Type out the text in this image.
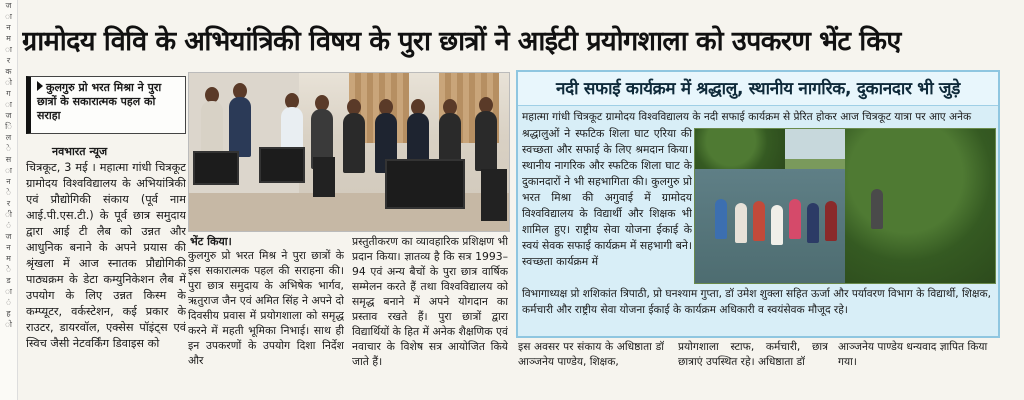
ज
ा
न
म
ा
र
क
ो
ग
ा
ज
ि
ल
े
स
ा
न
े
र
ी
ं
ज
न
म
े
ड
ा
ं
ह
ो
ग्रामोदय विवि के अभियांत्रिकी विषय के पुरा छात्रों ने आईटी प्रयोगशाला को उपकरण भेंट किए
कुलगुरु प्रो भरत मिश्रा ने पुरा छात्रों के सकारात्मक पहल को सराहा
नवभारत न्यूज
चित्रकूट, 3 मई । महात्मा गांधी चित्रकूट ग्रामोदय विश्वविद्यालय के अभियांत्रिकी एवं प्रौद्योगिकी संकाय (पूर्व नाम आई.पी.एस.टी.) के पूर्व छात्र समुदाय द्वारा आई टी लैब को उन्नत और आधुनिक बनाने के अपने प्रयास की श्रृंखला में आज स्नातक प्रौद्योगिकी पाठ्यक्रम के डेटा कम्युनिकेशन लैब में उपयोग के लिए उन्नत किस्म के कम्प्यूटर, वर्कस्टेशन, कई प्रकार के राउटर, डायरवॉल, एक्सेस पॉइंट्स एवं स्विच जैसी नेटवर्किंग डिवाइस को
भेंट किया।
कुलगुरु प्रो भरत मिश्र ने पुरा छात्रों के इस सकारात्मक पहल की सराहना की। पुरा छात्र समुदाय के अभिषेक भार्गव, ऋतुराज जैन एवं अमित सिंह ने अपने दो दिवसीय प्रवास में प्रयोगशाला को समृद्ध करने में महती भूमिका निभाई। साथ ही इन उपकरणों के उपयोग दिशा निर्देश और
प्रस्तुतीकरण का व्यावहारिक प्रशिक्षण भी प्रदान किया। ज्ञातव्य है कि सत्र 1993–94 एवं अन्य बैचों के पुरा छात्र वार्षिक सम्मेलन करते हैं तथा विश्वविद्यालय को समृद्ध बनाने में अपने योगदान का प्रस्ताव रखते हैं। पुरा छात्रों द्वारा विद्यार्थियों के हित में अनेक शैक्षणिक एवं नवाचार के विशेष सत्र आयोजित किये जाते हैं।
नदी सफाई कार्यक्रम में श्रद्धालु, स्थानीय नागरिक, दुकानदार भी जुड़े
महात्मा गांधी चित्रकूट ग्रामोदय विश्वविद्यालय के नदी सफाई कार्यक्रम से प्रेरित होकर आज चित्रकूट यात्रा पर आए अनेक
श्रद्धालुओं ने स्फटिक शिला घाट एरिया की स्वच्छता और सफाई के लिए श्रमदान किया। स्थानीय नागरिक और स्फटिक शिला घाट के दुकानदारों ने भी सहभागिता की। कुलगुरु प्रो भरत मिश्रा की अगुवाई में ग्रामोदय विश्वविद्यालय के विद्यार्थी और शिक्षक भी शामिल हुए। राष्ट्रीय सेवा योजना ईकाई के स्वयं सेवक सफाई कार्यक्रम में सहभागी बने। स्वच्छता कार्यक्रम में
विभागाध्यक्ष प्रो शशिकांत त्रिपाठी, प्रो घनश्याम गुप्ता, डॉ उमेश शुक्ला सहित ऊर्जा और पर्यावरण विभाग के विद्यार्थी, शिक्षक, कर्मचारी और राष्ट्रीय सेवा योजना ईकाई के कार्यक्रम अधिकारी व स्वयंसेवक मौजूद रहे।
इस अवसर पर संकाय के अधिष्ठाता डॉ आञ्जनेय पाण्डेय, शिक्षक,
प्रयोगशाला स्टाफ, कर्मचारी, छात्र छात्राएं उपस्थित रहे। अधिष्ठाता डॉ
आञ्जनेय पाण्डेय धन्यवाद ज्ञापित किया गया।
